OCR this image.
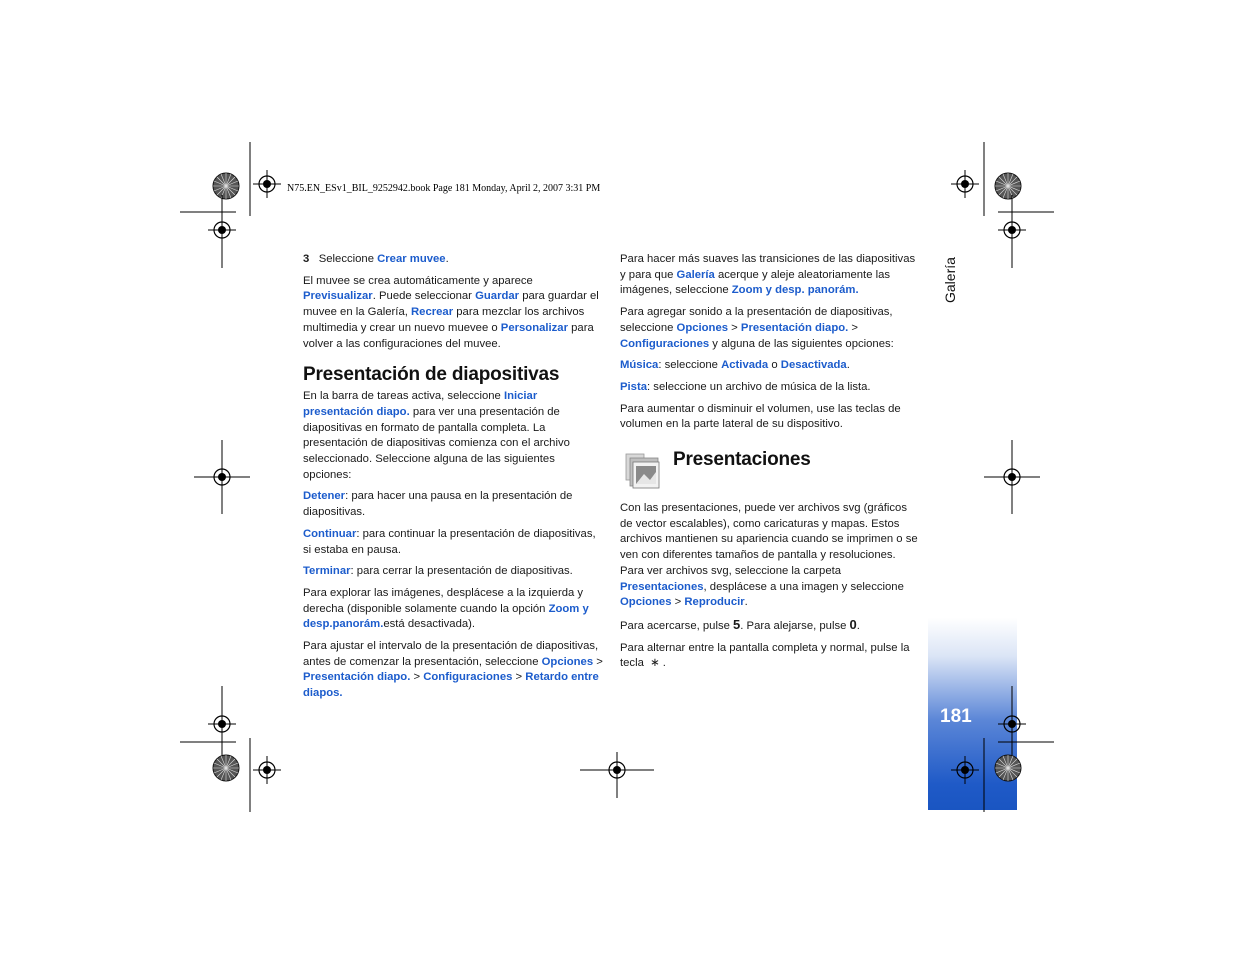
Galería
181
N75.EN_ESv1_BIL_9252942.book Page 181 Monday, April 2, 2007 3:31 PM

3 Seleccione Crear muvee.

El muvee se crea automáticamente y aparece Previsualizar. Puede seleccionar Guardar para guardar el muvee en la Galería, Recrear para mezclar los archivos multimedia y crear un nuevo muevee o Personalizar para volver a las configuraciones del muvee.

Presentación de diapositivas

En la barra de tareas activa, seleccione Iniciar presentación diapo. para ver una presentación de diapositivas en formato de pantalla completa. La presentación de diapositivas comienza con el archivo seleccionado. Seleccione alguna de las siguientes opciones:

Detener: para hacer una pausa en la presentación de diapositivas.

Continuar: para continuar la presentación de diapositivas, si estaba en pausa.

Terminar: para cerrar la presentación de diapositivas.

Para explorar las imágenes, desplácese a la izquierda y derecha (disponible solamente cuando la opción Zoom y desp.panorám.está desactivada).

Para ajustar el intervalo de la presentación de diapositivas, antes de comenzar la presentación, seleccione Opciones > Presentación diapo. > Configuraciones > Retardo entre diapos.

Para hacer más suaves las transiciones de las diapositivas y para que Galería acerque y aleje aleatoriamente las imágenes, seleccione Zoom y desp. panorám.

Para agregar sonido a la presentación de diapositivas, seleccione Opciones > Presentación diapo. > Configuraciones y alguna de las siguientes opciones:

Música: seleccione Activada o Desactivada.

Pista: seleccione un archivo de música de la lista.

Para aumentar o disminuir el volumen, use las teclas de volumen en la parte lateral de su dispositivo.

Presentaciones

Con las presentaciones, puede ver archivos svg (gráficos de vector escalables), como caricaturas y mapas. Estos archivos mantienen su apariencia cuando se imprimen o se ven con diferentes tamaños de pantalla y resoluciones. Para ver archivos svg, seleccione la carpeta Presentaciones, desplácese a una imagen y seleccione Opciones > Reproducir.

Para acercarse, pulse 5. Para alejarse, pulse 0.

Para alternar entre la pantalla completa y normal, pulse la tecla ∗ .
